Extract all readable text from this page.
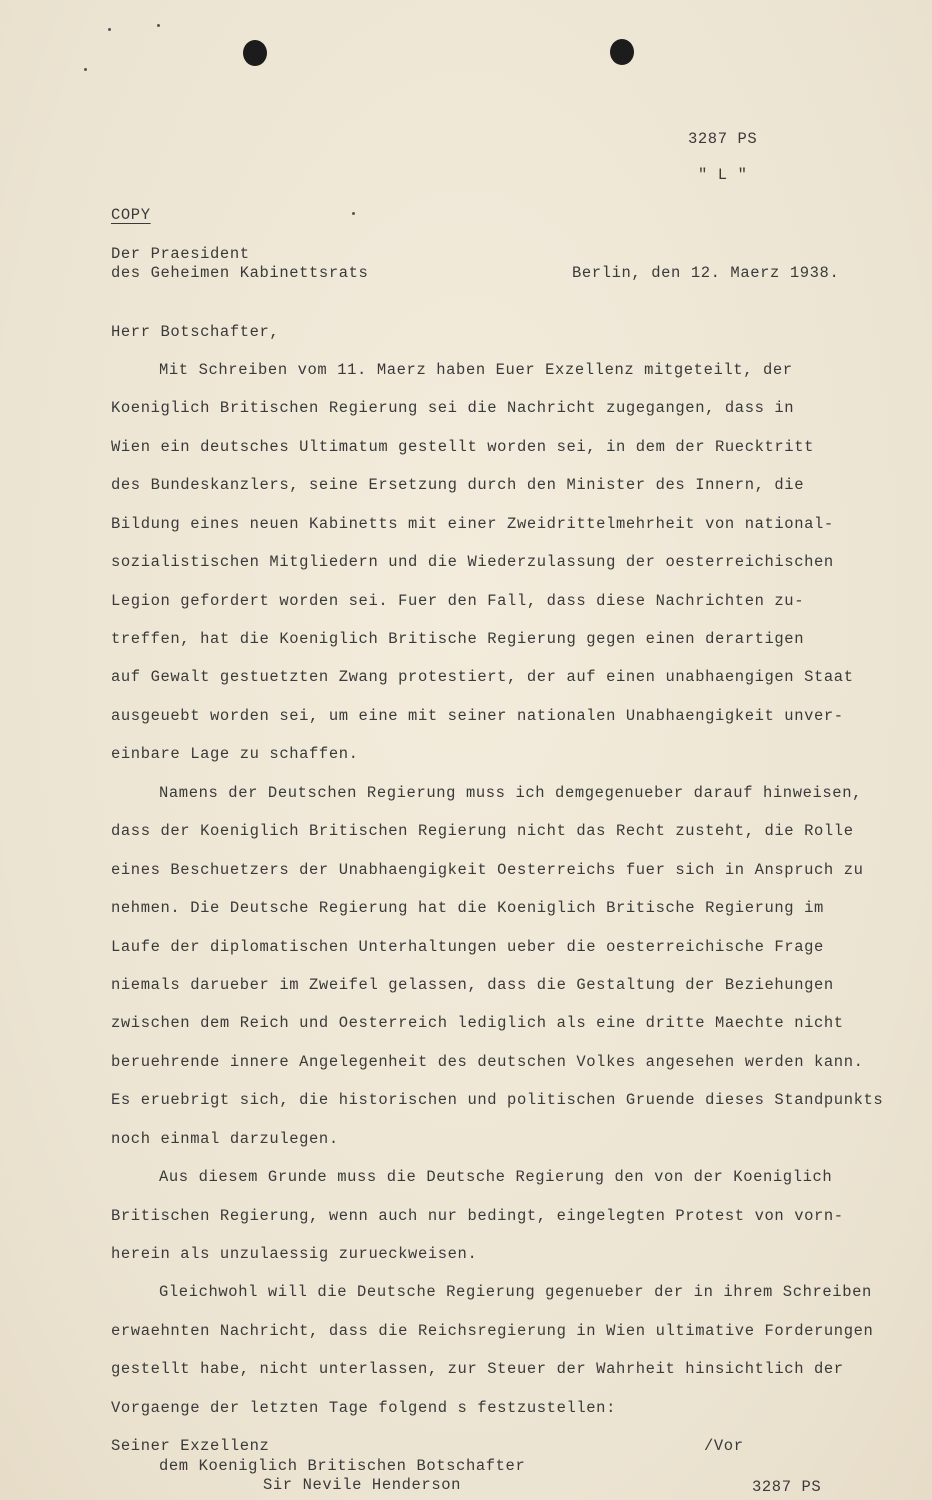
3287 PS
" L "
COPY
Der Praesident
des Geheimen Kabinettsrats	Berlin, den 12. Maerz 1938.
Herr Botschafter,
Mit Schreiben vom 11. Maerz haben Euer Exzellenz mitgeteilt, der
Koeniglich Britischen Regierung sei die Nachricht zugegangen, dass in
Wien ein deutsches Ultimatum gestellt worden sei, in dem der Ruecktritt
des Bundeskanzlers, seine Ersetzung durch den Minister des Innern, die
Bildung eines neuen Kabinetts mit einer Zweidrittelmehrheit von national-
sozialistischen Mitgliedern und die Wiederzulassung der oesterreichischen
Legion gefordert worden sei. Fuer den Fall, dass diese Nachrichten zu-
treffen, hat die Koeniglich Britische Regierung gegen einen derartigen
auf Gewalt gestuetzten Zwang protestiert, der auf einen unabhaengigen Staat
ausgeuebt worden sei, um eine mit seiner nationalen Unabhaengigkeit unver-
einbare Lage zu schaffen.
Namens der Deutschen Regierung muss ich demgegenueber darauf hinweisen,
dass der Koeniglich Britischen Regierung nicht das Recht zusteht, die Rolle
eines Beschuetzers der Unabhaengigkeit Oesterreichs fuer sich in Anspruch zu
nehmen. Die Deutsche Regierung hat die Koeniglich Britische Regierung im
Laufe der diplomatischen Unterhaltungen ueber die oesterreichische Frage
niemals darueber im Zweifel gelassen, dass die Gestaltung der Beziehungen
zwischen dem Reich und Oesterreich lediglich als eine dritte Maechte nicht
beruehrende innere Angelegenheit des deutschen Volkes angesehen werden kann.
Es eruebrigt sich, die historischen und politischen Gruende dieses Standpunkts
noch einmal darzulegen.
Aus diesem Grunde muss die Deutsche Regierung den von der Koeniglich
Britischen Regierung, wenn auch nur bedingt, eingelegten Protest von vorn-
herein als unzulaessig zurueckweisen.
Gleichwohl will die Deutsche Regierung gegenueber der in ihrem Schreiben
erwaehnten Nachricht, dass die Reichsregierung in Wien ultimative Forderungen
gestellt habe, nicht unterlassen, zur Steuer der Wahrheit hinsichtlich der
Vorgaenge der letzten Tage folgend s festzustellen:
Seiner Exzellenz
dem Koeniglich Britischen Botschafter
Sir Nevile Henderson
/Vor
3287 PS
